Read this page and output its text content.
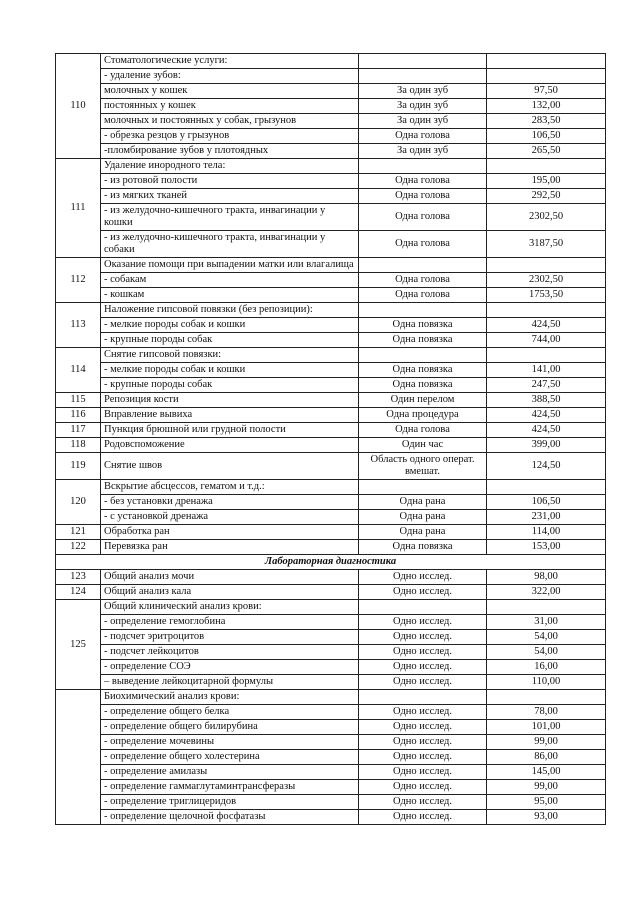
110	Стоматологические услуги:		
	- удаление зубов:		
	молочных у кошек	За один зуб	97,50
	постоянных у кошек	За один зуб	132,00
	молочных и постоянных у собак, грызунов	За один зуб	283,50
	- обрезка резцов у грызунов	Одна голова	106,50
	-пломбирование зубов у плотоядных	За один зуб	265,50
111	Удаление инородного тела:		
	- из ротовой полости	Одна голова	195,00
	- из мягких тканей	Одна голова	292,50
	- из желудочно-кишечного тракта, инвагинации у кошки	Одна голова	2302,50
	- из желудочно-кишечного тракта, инвагинации у собаки	Одна голова	3187,50
112	Оказание помощи при выпадении матки или влагалища		
	- собакам	Одна голова	2302,50
	- кошкам	Одна голова	1753,50
113	Наложение гипсовой повязки (без репозиции):		
	- мелкие породы собак и кошки	Одна повязка	424,50
	- крупные породы собак	Одна повязка	744,00
114	Снятие гипсовой повязки:		
	- мелкие породы собак и кошки	Одна повязка	141,00
	- крупные породы собак	Одна повязка	247,50
115	Репозиция кости	Один перелом	388,50
116	Вправление вывиха	Одна процедура	424,50
117	Пункция брюшной или грудной полости	Одна голова	424,50
118	Родовспоможение	Один час	399,00
119	Снятие швов	Область одного операт. вмешат.	124,50
120	Вскрытие абсцессов, гематом и т.д.:		
	- без установки дренажа	Одна рана	106,50
	- с установкой дренажа	Одна рана	231,00
121	Обработка ран	Одна рана	114,00
122	Перевязка ран	Одна повязка	153,00
Лабораторная диагностика			
123	Общий анализ мочи	Одно исслед.	98,00
124	Общий анализ кала	Одно исслед.	322,00
125	Общий клинический анализ крови:		
	- определение гемоглобина	Одно исслед.	31,00
	- подсчет эритроцитов	Одно исслед.	54,00
	- подсчет лейкоцитов	Одно исслед.	54,00
	- определение СОЭ	Одно исслед.	16,00
	– выведение лейкоцитарной формулы	Одно исслед.	110,00
	Биохимический анализ крови:		
	- определение общего белка	Одно исслед.	78,00
	- определение общего билирубина	Одно исслед.	101,00
	- определение мочевины	Одно исслед.	99,00
	- определение общего холестерина	Одно исслед.	86,00
	- определение амилазы	Одно исслед.	145,00
	- определение гаммаглутаминтрансферазы	Одно исслед.	99,00
	- определение триглицеридов	Одно исслед.	95,00
	- определение щелочной фосфатазы	Одно исслед.	93,00
